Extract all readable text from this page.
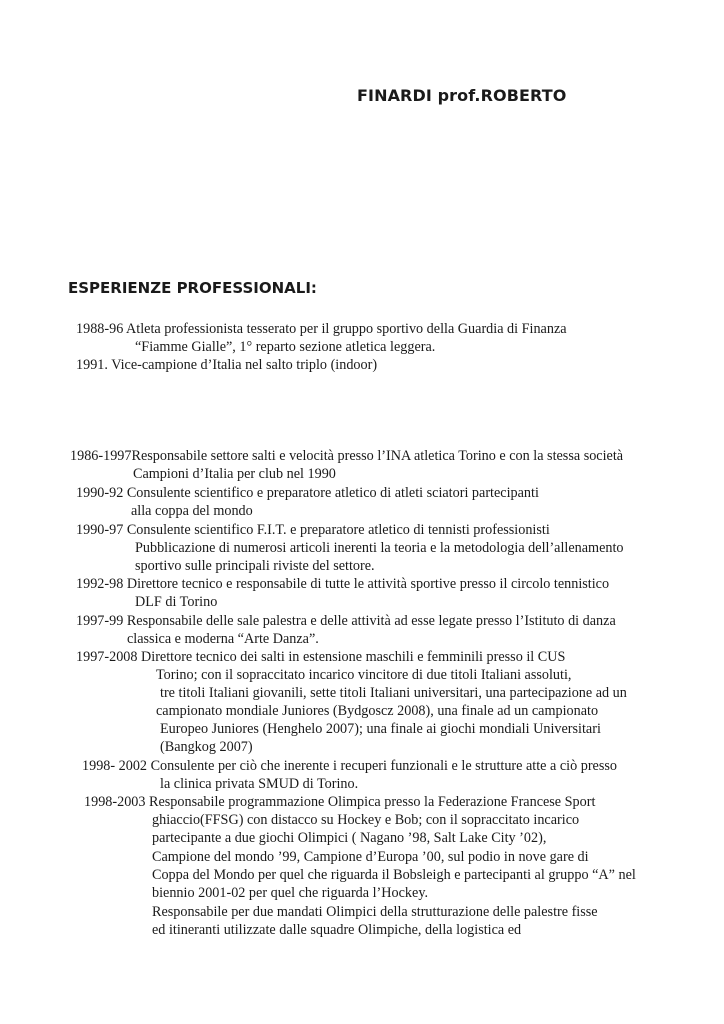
FINARDI prof.ROBERTO
ESPERIENZE PROFESSIONALI:
1988-96 Atleta professionista tesserato per il gruppo sportivo della Guardia di Finanza
“Fiamme Gialle”, 1° reparto sezione atletica leggera.
1991. Vice-campione d’Italia nel salto triplo (indoor)
1986-1997Responsabile settore salti e velocità presso l’INA atletica Torino e con la stessa società
Campioni d’Italia per club nel 1990
1990-92 Consulente scientifico e preparatore atletico di atleti sciatori partecipanti
alla coppa del mondo
1990-97 Consulente scientifico F.I.T. e preparatore atletico di tennisti professionisti
Pubblicazione di numerosi articoli inerenti la teoria e la metodologia dell’allenamento
sportivo sulle principali riviste del settore.
1992-98 Direttore tecnico e responsabile di tutte le attività sportive presso il circolo tennistico
DLF di Torino
1997-99 Responsabile delle sale palestra e delle attività ad esse legate presso l’Istituto di danza
classica e moderna “Arte Danza”.
1997-2008 Direttore tecnico dei salti in estensione maschili e femminili presso il CUS
Torino; con il sopraccitato incarico vincitore di due titoli Italiani assoluti,
tre titoli Italiani giovanili, sette titoli Italiani universitari, una partecipazione ad un
campionato mondiale Juniores (Bydgoscz 2008), una finale ad un campionato
Europeo Juniores (Henghelo 2007); una finale ai giochi mondiali Universitari
(Bangkog 2007)
1998- 2002 Consulente per ciò che inerente i recuperi funzionali e le strutture atte a ciò presso
la clinica privata SMUD di Torino.
1998-2003 Responsabile programmazione Olimpica presso la Federazione Francese Sport
ghiaccio(FFSG) con distacco su Hockey e Bob; con il sopraccitato incarico
partecipante a due giochi Olimpici ( Nagano ’98, Salt Lake City ’02),
Campione del mondo ’99, Campione d’Europa ’00, sul podio in nove gare di
Coppa del Mondo per quel che riguarda il Bobsleigh e partecipanti al gruppo “A” nel
biennio 2001-02 per quel che riguarda l’Hockey.
Responsabile per due mandati Olimpici della strutturazione delle palestre fisse
ed itineranti utilizzate dalle squadre Olimpiche, della logistica ed
